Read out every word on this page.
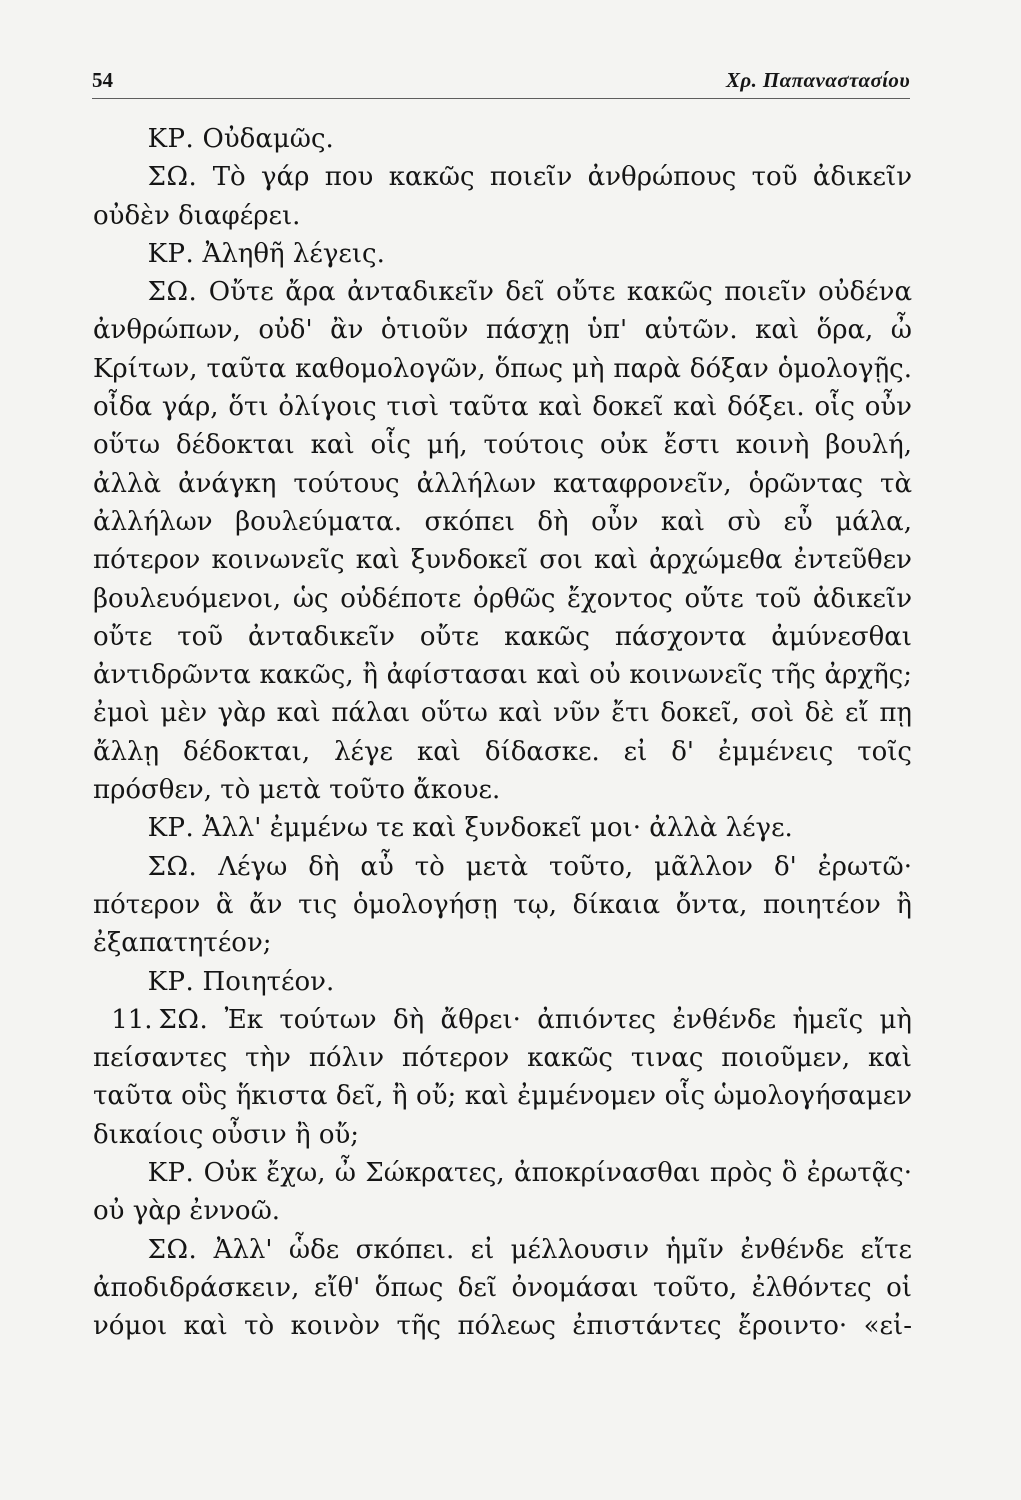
54	Χρ. Παπαναστασίου

ΚΡ. Οὐδαμῶς.

ΣΩ. Τὸ γάρ που κακῶς ποιεῖν ἀνθρώπους τοῦ ἀδικεῖν οὐδὲν διαφέρει.

ΚΡ. Ἀληθῆ λέγεις.

ΣΩ. Οὔτε ἄρα ἀνταδικεῖν δεῖ οὔτε κακῶς ποιεῖν οὐδένα ἀνθρώπων, οὐδ' ἂν ὁτιοῦν πάσχῃ ὑπ' αὐτῶν. καὶ ὅρα, ὦ Κρίτων, ταῦτα καθομολογῶν, ὅπως μὴ παρὰ δόξαν ὁμολογῇς. οἶδα γάρ, ὅτι ὀλίγοις τισὶ ταῦτα καὶ δοκεῖ καὶ δόξει. οἷς οὖν οὕτω δέδοκται καὶ οἷς μή, τούτοις οὐκ ἔστι κοινὴ βουλή, ἀλλὰ ἀνάγκη τούτους ἀλλήλων καταφρονεῖν, ὁρῶντας τὰ ἀλλήλων βουλεύματα. σκόπει δὴ οὖν καὶ σὺ εὖ μάλα, πότερον κοινωνεῖς καὶ ξυνδοκεῖ σοι καὶ ἀρχώμεθα ἐντεῦθεν βουλευόμενοι, ὡς οὐδέποτε ὀρθῶς ἔχοντος οὔτε τοῦ ἀδικεῖν οὔτε τοῦ ἀνταδικεῖν οὔτε κακῶς πάσχοντα ἀμύνεσθαι ἀντιδρῶντα κακῶς, ἢ ἀφίστασαι καὶ οὐ κοινωνεῖς τῆς ἀρχῆς; ἐμοὶ μὲν γὰρ καὶ πάλαι οὕτω καὶ νῦν ἔτι δοκεῖ, σοὶ δὲ εἴ πῃ ἄλλῃ δέδοκται, λέγε καὶ δίδασκε. εἰ δ' ἐμμένεις τοῖς πρόσθεν, τὸ μετὰ τοῦτο ἄκουε.

ΚΡ. Ἀλλ' ἐμμένω τε καὶ ξυνδοκεῖ μοι· ἀλλὰ λέγε.

ΣΩ. Λέγω δὴ αὖ τὸ μετὰ τοῦτο, μᾶλλον δ' ἐρωτῶ· πότερον ἃ ἄν τις ὁμολογήσῃ τῳ, δίκαια ὄντα, ποιητέον ἢ ἐξαπατητέον;

ΚΡ. Ποιητέον.

11. ΣΩ. Ἐκ τούτων δὴ ἄθρει· ἀπιόντες ἐνθένδε ἡμεῖς μὴ πείσαντες τὴν πόλιν πότερον κακῶς τινας ποιοῦμεν, καὶ ταῦτα οὓς ἥκιστα δεῖ, ἢ οὔ; καὶ ἐμμένομεν οἷς ὡμολογήσαμεν δικαίοις οὖσιν ἢ οὔ;

ΚΡ. Οὐκ ἔχω, ὦ Σώκρατες, ἀποκρίνασθαι πρὸς ὃ ἐρωτᾷς· οὐ γὰρ ἐννοῶ.

ΣΩ. Ἀλλ' ὧδε σκόπει. εἰ μέλλουσιν ἡμῖν ἐνθένδε εἴτε ἀποδιδράσκειν, εἴθ' ὅπως δεῖ ὀνομάσαι τοῦτο, ἐλθόντες οἱ νόμοι καὶ τὸ κοινὸν τῆς πόλεως ἐπιστάντες ἔροιντο· «εἰ-
